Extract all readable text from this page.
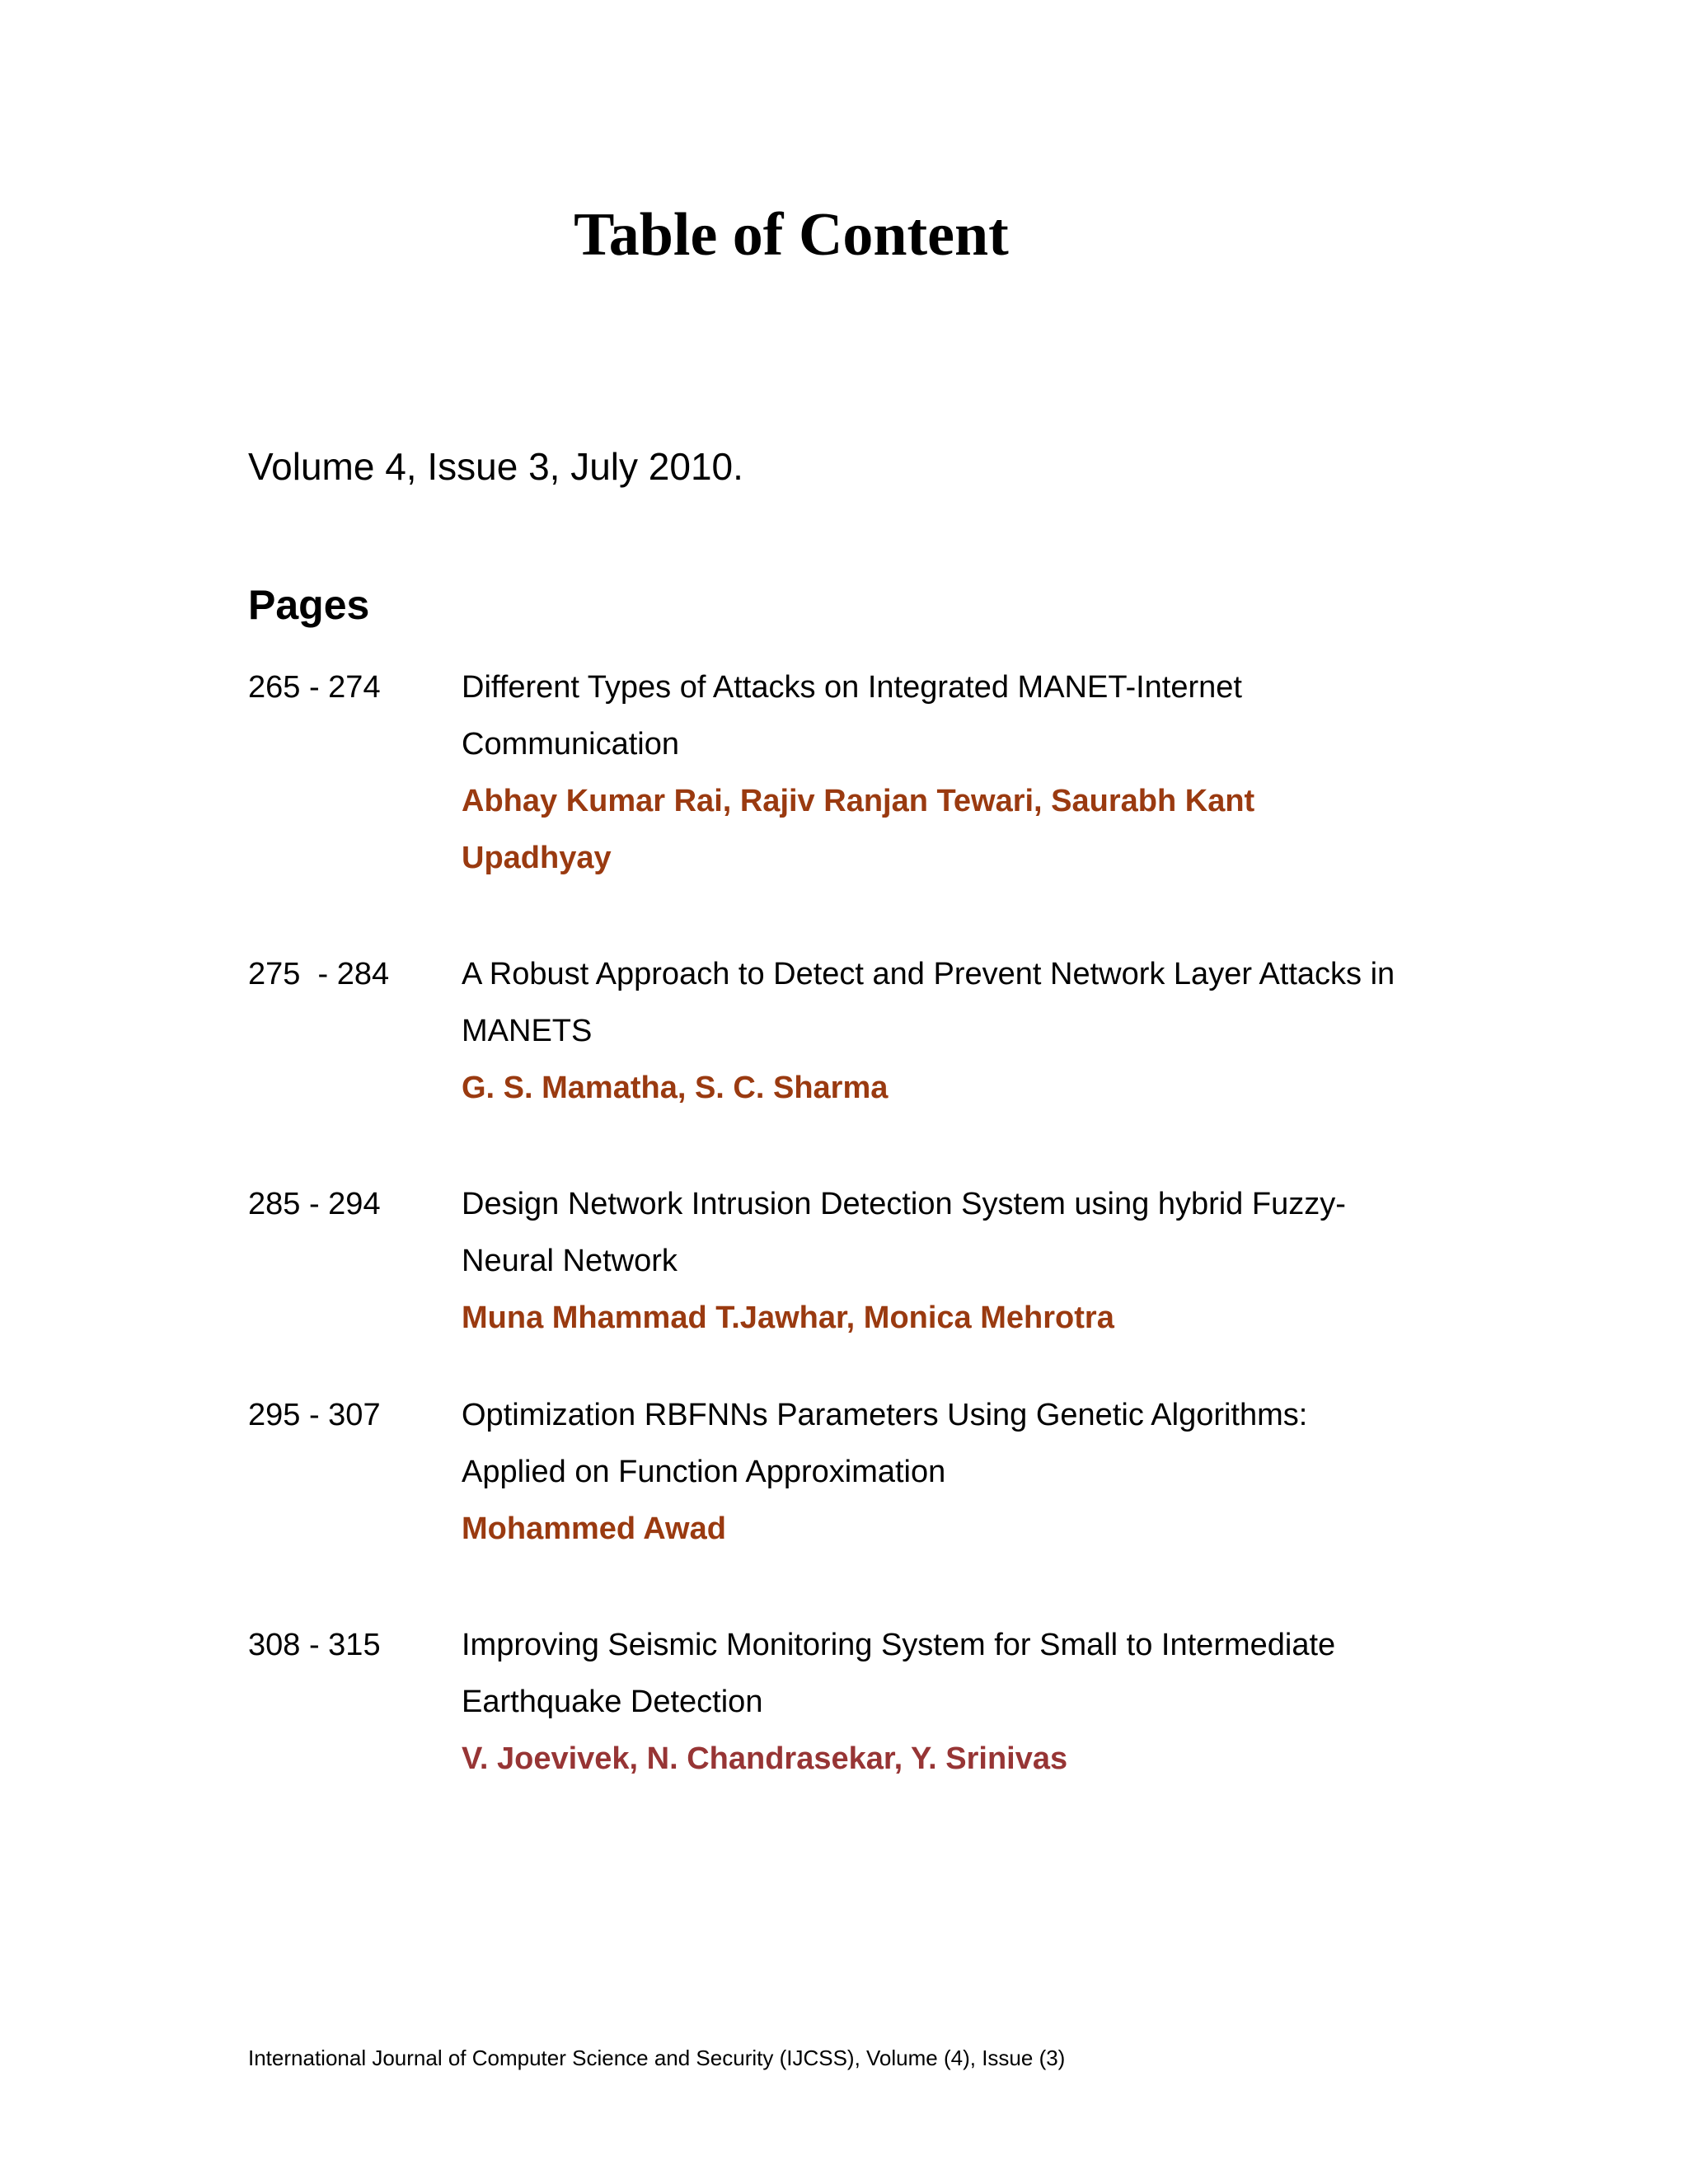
Table of Content
Volume 4, Issue 3, July 2010.
Pages
265 - 274	Different Types of Attacks on Integrated MANET-Internet Communication
Abhay Kumar Rai, Rajiv Ranjan Tewari, Saurabh Kant Upadhyay
275  - 284 A Robust Approach to Detect and Prevent Network Layer Attacks in MANETS
G. S. Mamatha, S. C. Sharma
285 - 294	Design Network Intrusion Detection System using hybrid Fuzzy-Neural Network
Muna Mhammad T.Jawhar, Monica Mehrotra
295 - 307	Optimization RBFNNs Parameters Using Genetic Algorithms: Applied on Function Approximation
Mohammed Awad
308 - 315	Improving Seismic Monitoring System for Small to Intermediate Earthquake Detection
V. Joevivek, N. Chandrasekar, Y. Srinivas
International Journal of Computer Science and Security (IJCSS), Volume (4), Issue (3)
